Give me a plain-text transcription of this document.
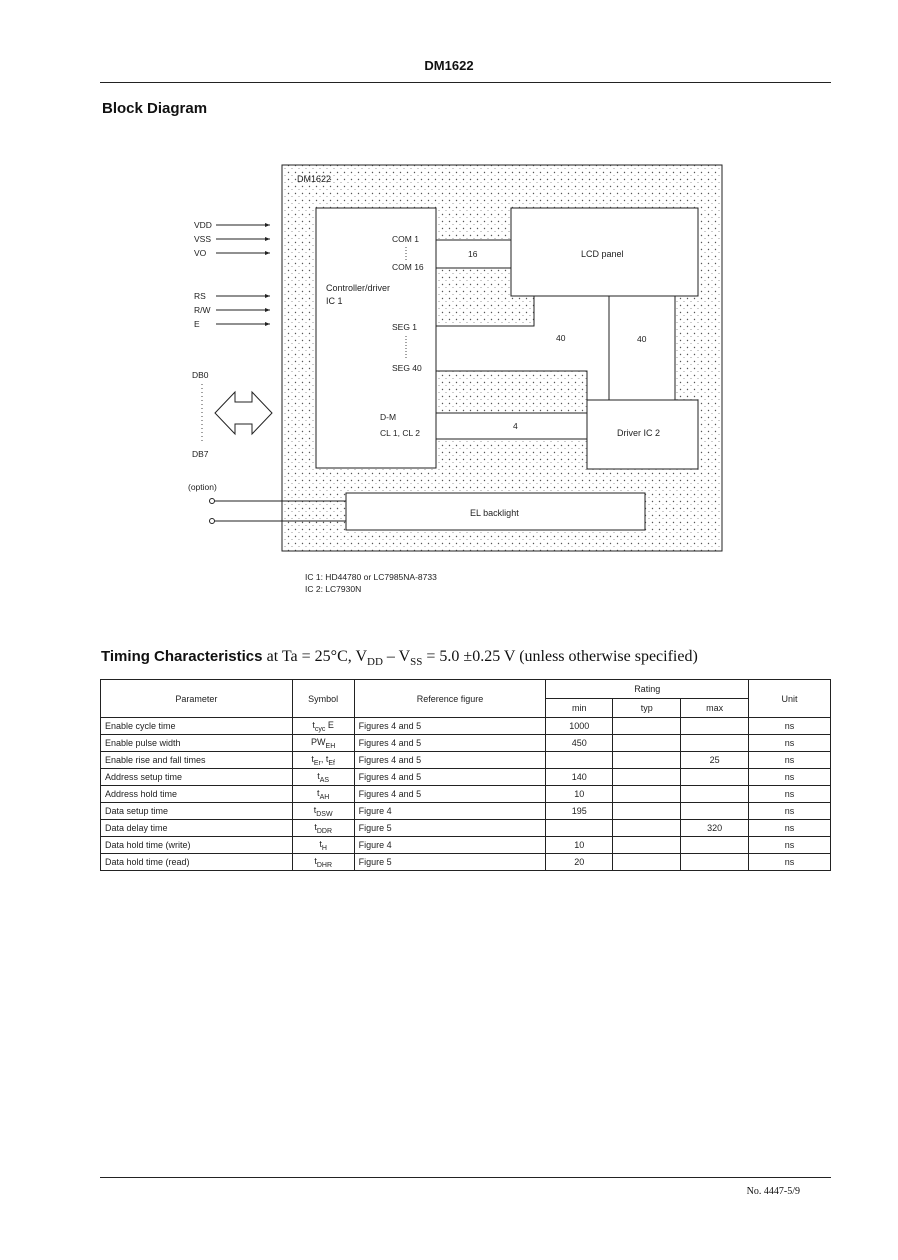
DM1622
Block Diagram
DM1622
Controller/driver
IC 1
COM 1
COM 16
SEG 1
SEG 40
D-M
CL 1, CL 2
16	LCD panel
40	40
Driver IC 2
4
EL backlight
VDD
VSS
VO
RS
R/W
E
DB0
DB7
(option)
IC 1: HD44780 or LC7985NA-8733
IC 2: LC7930N
Timing Characteristics at Ta = 25°C, $V_{DD} - V_{SS} = 5.0 \pm 0.25$ V (unless otherwise specified)
Parameter	Symbol	Reference figure	Rating			Unit
			min	typ	max	
Enable cycle time	$t_{cyc}$ E	Figures 4 and 5	1000			ns
Enable pulse width	$PW_{EH}$	Figures 4 and 5	450			ns
Enable rise and fall times	$t_{Er}$, $t_{Ef}$	Figures 4 and 5			25	ns
Address setup time	$t_{AS}$	Figures 4 and 5	140			ns
Address hold time	$t_{AH}$	Figures 4 and 5	10			ns
Data setup time	$t_{DSW}$	Figure 4	195			ns
Data delay time	$t_{DDR}$	Figure 5			320	ns
Data hold time (write)	$t_H$	Figure 4	10			ns
Data hold time (read)	$t_{DHR}$	Figure 5	20			ns
No. 4447-5/9
